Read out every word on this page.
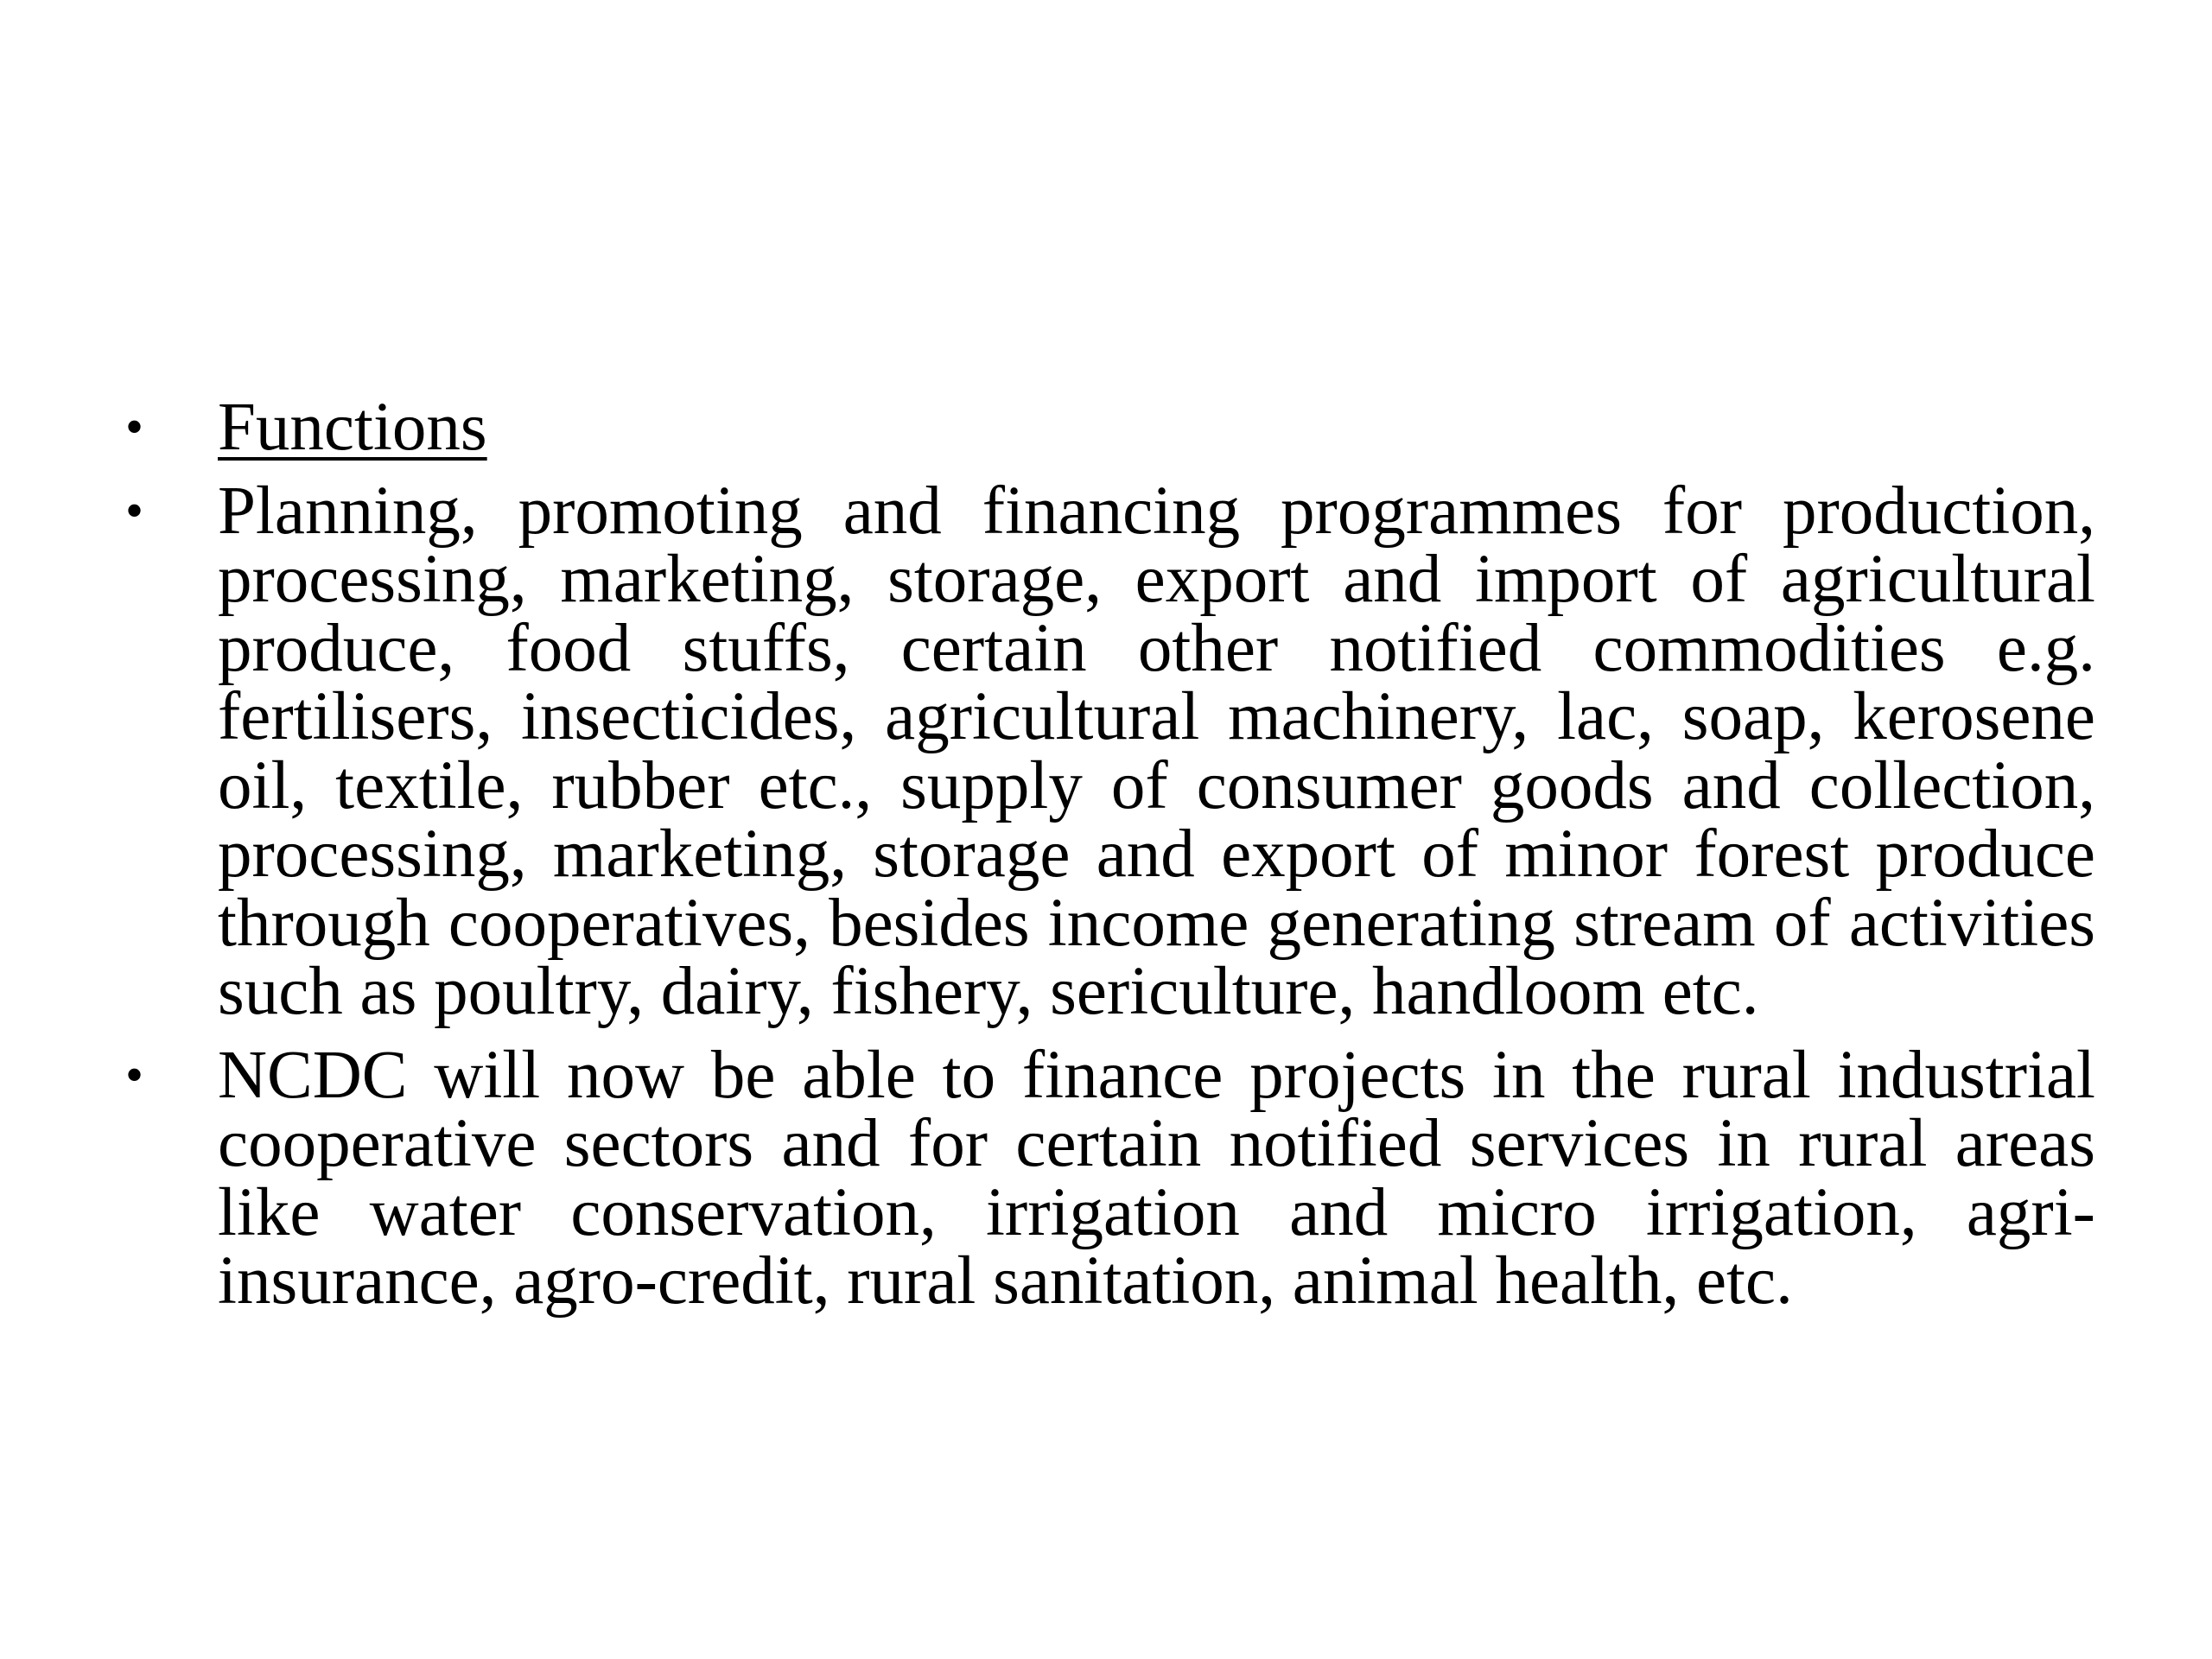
• Functions
• Planning, promoting and financing programmes for production, processing, marketing, storage, export and import of agricultural produce, food stuffs, certain other notified commodities e.g. fertilisers, insecticides, agricultural machinery, lac, soap, kerosene oil, textile, rubber etc., supply of consumer goods and collection, processing, marketing, storage and export of minor forest produce through cooperatives, besides income generating stream of activities such as poultry, dairy, fishery, sericulture, handloom etc.
• NCDC will now be able to finance projects in the rural industrial cooperative sectors and for certain notified services in rural areas like water conservation, irrigation and micro irrigation, agri-insurance, agro-credit, rural sanitation, animal health, etc.
